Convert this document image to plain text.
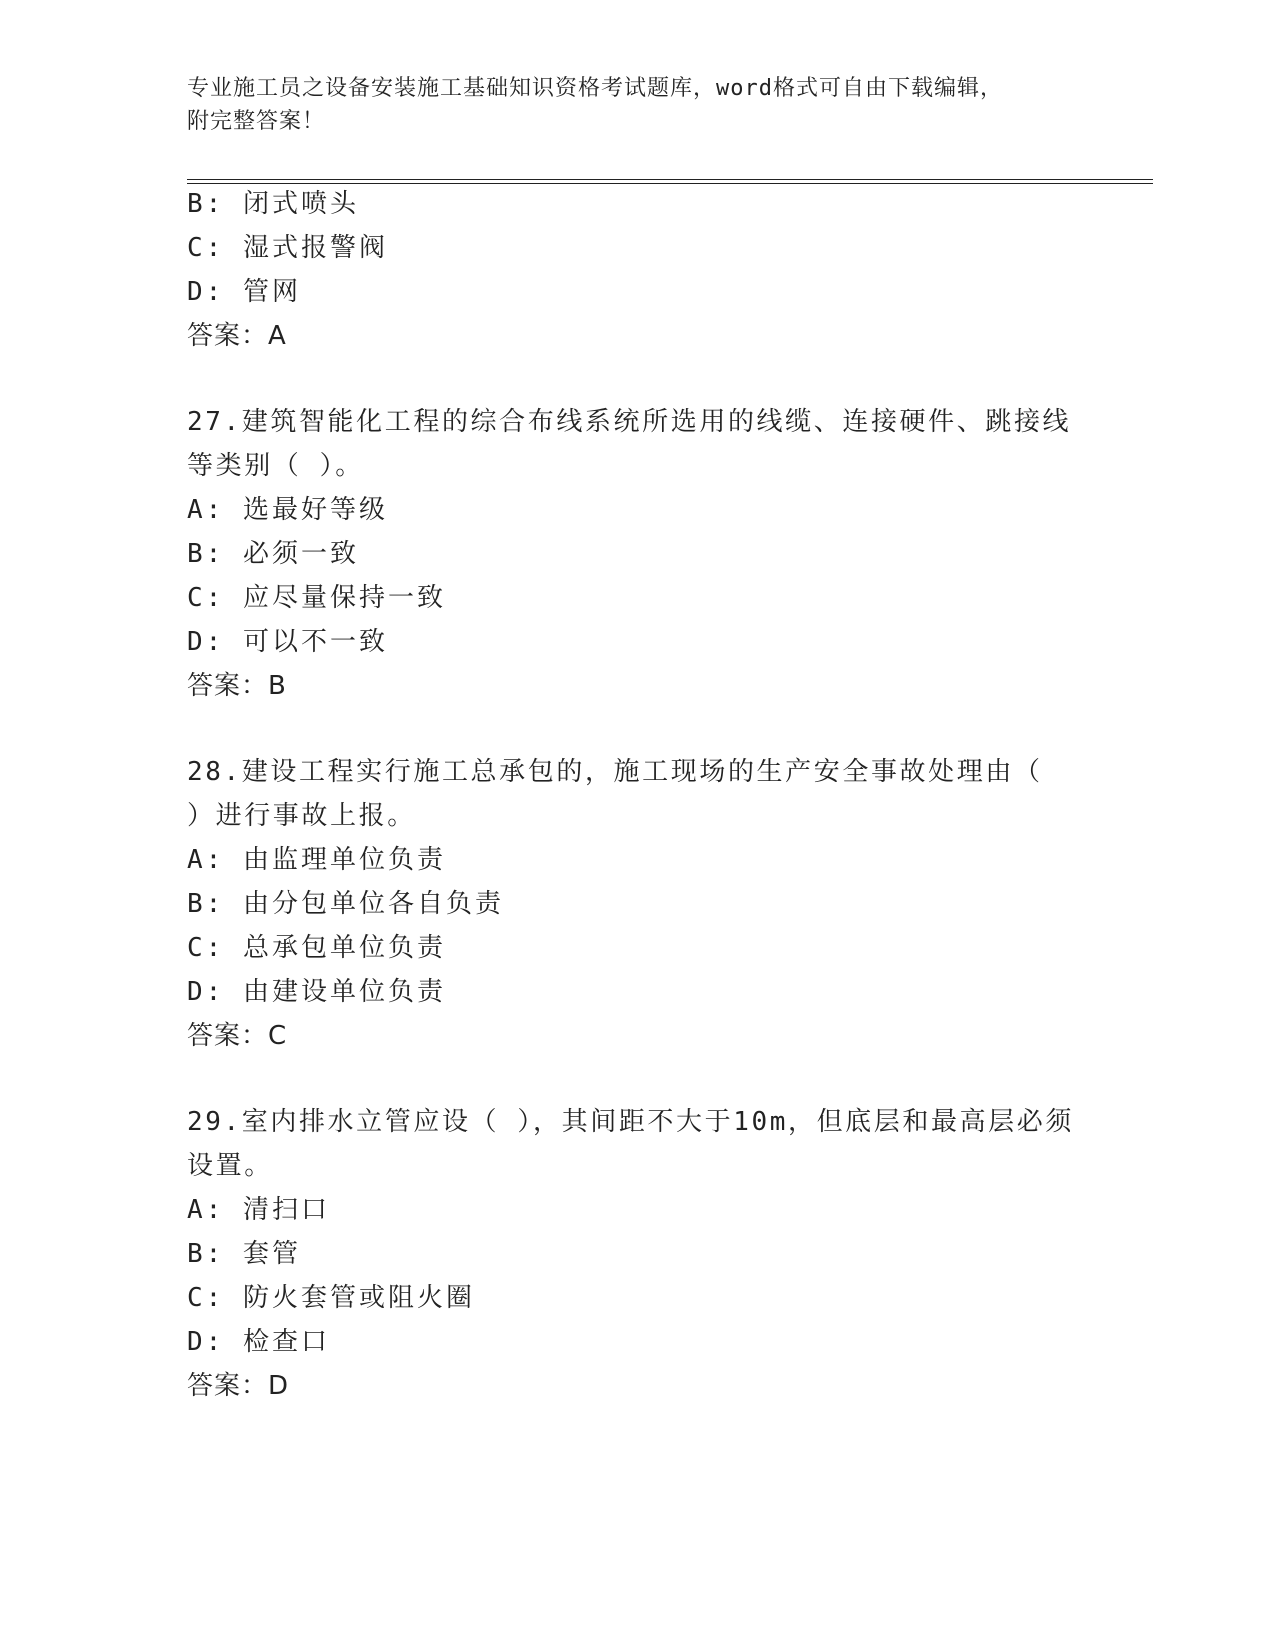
专业施工员之设备安装施工基础知识资格考试题库，word格式可自由下载编辑，
附完整答案！
B: 闭式喷头
C: 湿式报警阀
D: 管网
答案：A
27.建筑智能化工程的综合布线系统所选用的线缆、连接硬件、跳接线
等类别（ ）。
A: 选最好等级
B: 必须一致
C: 应尽量保持一致
D: 可以不一致
答案：B
28.建设工程实行施工总承包的，施工现场的生产安全事故处理由（
）进行事故上报。
A: 由监理单位负责
B: 由分包单位各自负责
C: 总承包单位负责
D: 由建设单位负责
答案：C
29.室内排水立管应设（ ），其间距不大于10m，但底层和最高层必须
设置。
A: 清扫口
B: 套管
C: 防火套管或阻火圈
D: 检查口
答案：D
